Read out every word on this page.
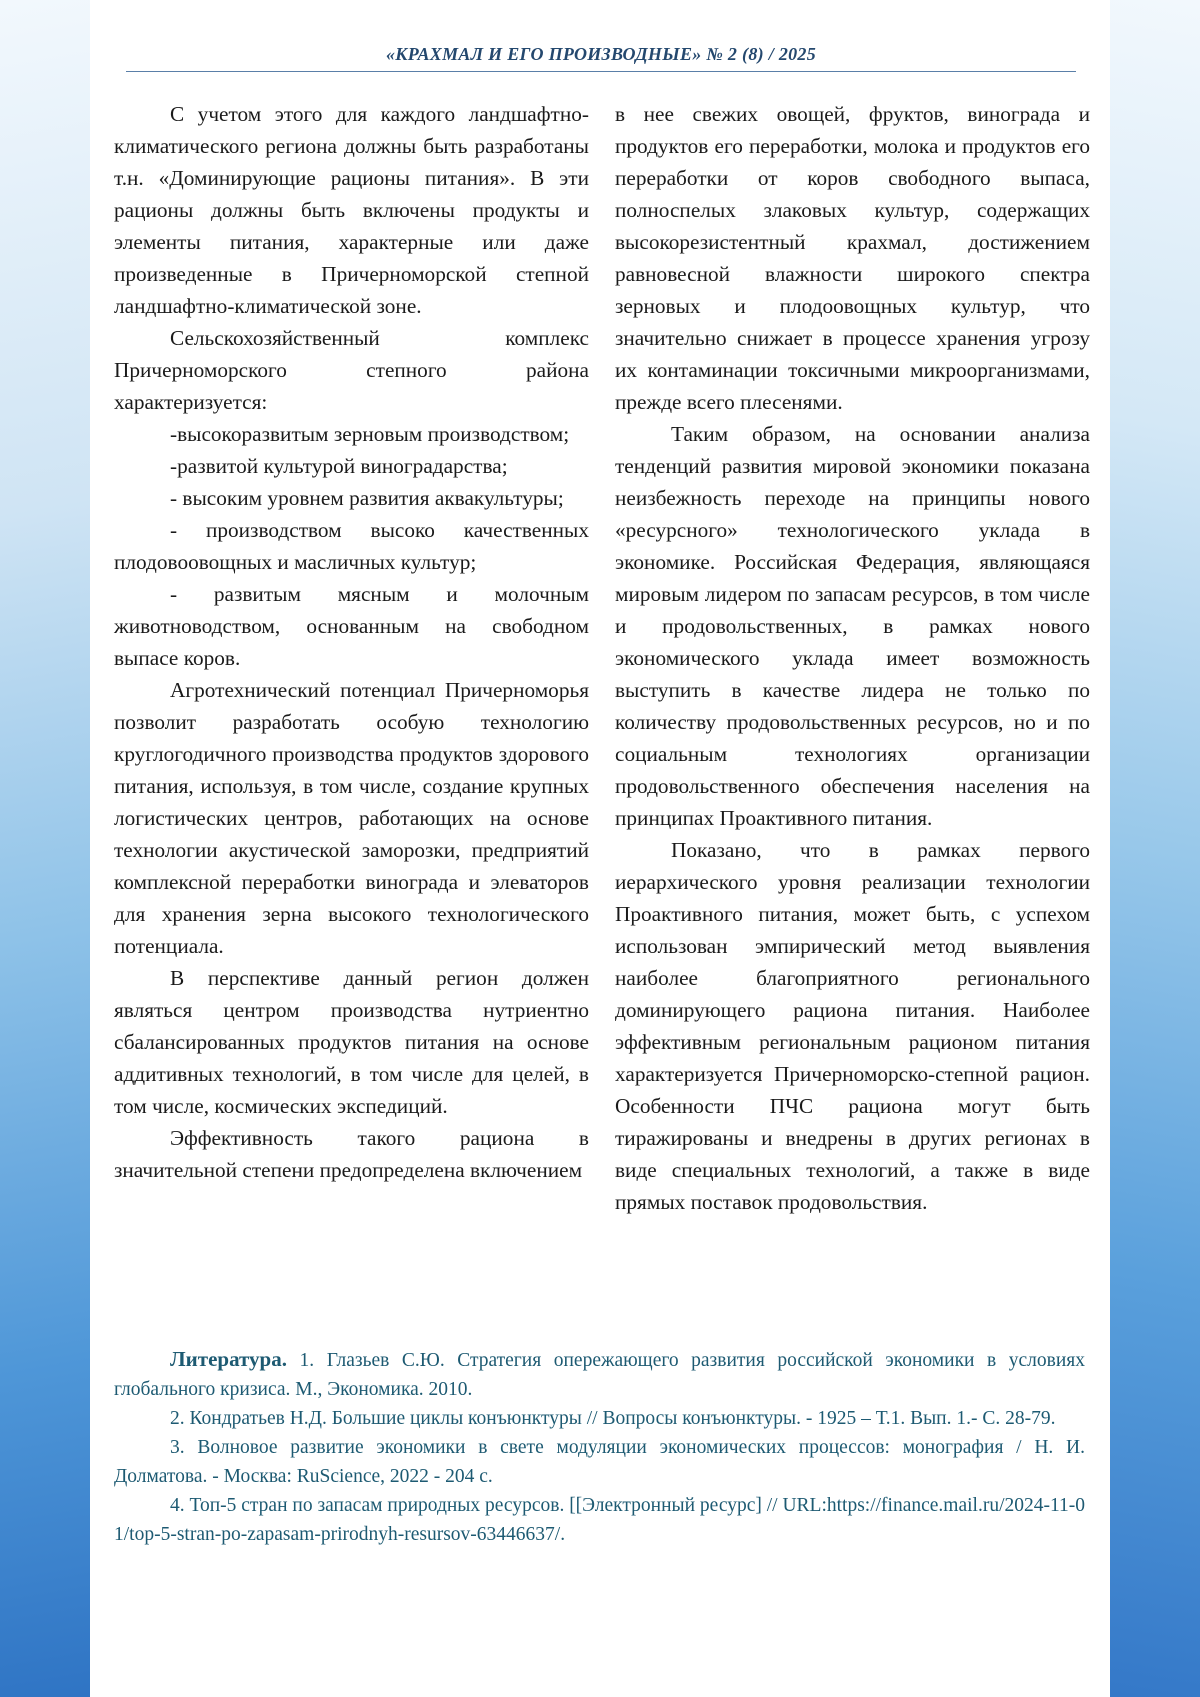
«КРАХМАЛ И ЕГО ПРОИЗВОДНЫЕ» № 2 (8) / 2025

С учетом этого для каждого ландшафтно-климатического региона должны быть разработаны т.н. «Доминирующие рационы питания». В эти рационы должны быть включены продукты и элементы питания, характерные или даже произведенные в Причерноморской степной ландшафтно-климатической зоне.

Сельскохозяйственный комплекс Причерноморского степного района характеризуется:

-высокоразвитым зерновым производством;

-развитой культурой виноградарства;

- высоким уровнем развития аквакультуры;

- производством высоко качественных плодовоовощных и масличных культур;

- развитым мясным и молочным животноводством, основанным на свободном выпасе коров.

Агротехнический потенциал Причерноморья позволит разработать особую технологию круглогодичного производства продуктов здорового питания, используя, в том числе, создание крупных логистических центров, работающих на основе технологии акустической заморозки, предприятий комплексной переработки винограда и элеваторов для хранения зерна высокого технологического потенциала.

В перспективе данный регион должен являться центром производства нутриентно сбалансированных продуктов питания на основе аддитивных технологий, в том числе для целей, в том числе, космических экспедиций.

Эффективность такого рациона в значительной степени предопределена включением

в нее свежих овощей, фруктов, винограда и продуктов его переработки, молока и продуктов его переработки от коров свободного выпаса, полноспелых злаковых культур, содержащих высокорезистентный крахмал, достижением равновесной влажности широкого спектра зерновых и плодоовощных культур, что значительно снижает в процессе хранения угрозу их контаминации токсичными микроорганизмами, прежде всего плесенями.

Таким образом, на основании анализа тенденций развития мировой экономики показана неизбежность переходе на принципы нового «ресурсного» технологического уклада в экономике. Российская Федерация, являющаяся мировым лидером по запасам ресурсов, в том числе и продовольственных, в рамках нового экономического уклада имеет возможность выступить в качестве лидера не только по количеству продовольственных ресурсов, но и по социальным технологиях организации продовольственного обеспечения населения на принципах Проактивного питания.

Показано, что в рамках первого иерархического уровня реализации технологии Проактивного питания, может быть, с успехом использован эмпирический метод выявления наиболее благоприятного регионального доминирующего рациона питания. Наиболее эффективным региональным рационом питания характеризуется Причерноморско-степной рацион. Особенности ПЧС рациона могут быть тиражированы и внедрены в других регионах в виде специальных технологий, а также в виде прямых поставок продовольствия.

Литература. 1. Глазьев С.Ю. Стратегия опережающего развития российской экономики в условиях глобального кризиса. М., Экономика. 2010.

2. Кондратьев Н.Д. Большие циклы конъюнктуры // Вопросы конъюнктуры. - 1925 – Т.1. Вып. 1.- С. 28-79.

3. Волновое развитие экономики в свете модуляции экономических процессов: монография / Н. И. Долматова. - Москва: RuScience, 2022 - 204 с.

4. Топ-5 стран по запасам природных ресурсов. [[Электронный ресурс] // URL:https://finance.mail.ru/2024-11-01/top-5-stran-po-zapasam-prirodnyh-resursov-63446637/.
